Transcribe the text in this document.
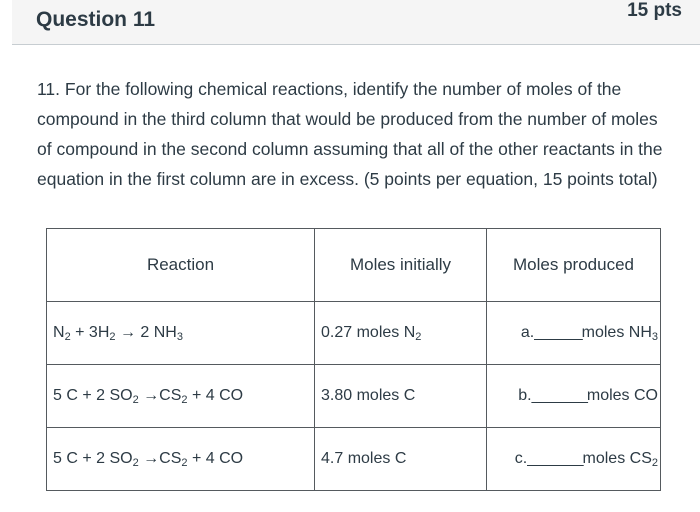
Question 11	15 pts
11. For the following chemical reactions, identify the number of moles of the compound in the third column that would be produced from the number of moles of compound in the second column assuming that all of the other reactants in the equation in the first column are in excess. (5 points per equation, 15 points total)
Reaction	Moles initially	Moles produced
$N_2 + 3H_2 \to 2$ $NH_3$	0.27 moles $N_2$	a.______moles $NH_3$
5 C + 2 $SO_2 \to CS_2 + 4$ CO	3.80 moles C	b._______moles CO
5 C + 2 $SO_2 \to CS_2 + 4$ CO	4.7 moles C	c._______moles $CS_2$
